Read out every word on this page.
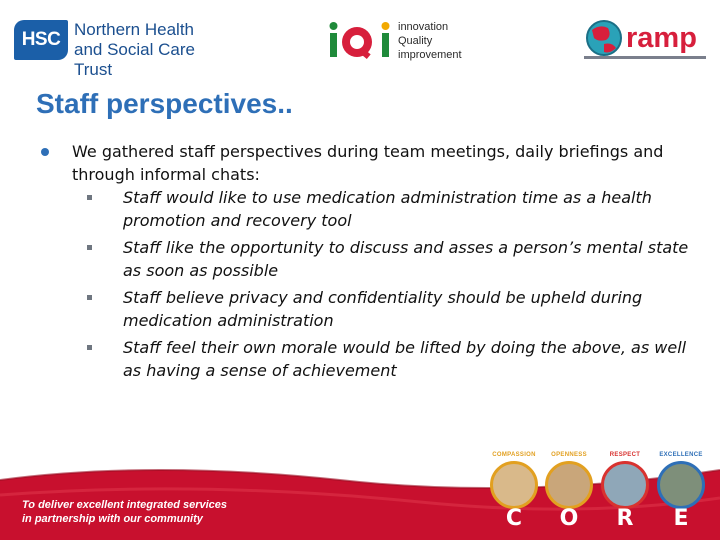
HSC Northern Health
and Social Care Trust
innovation
Quality
improvement
ramp
Staff perspectives..
We gathered staff perspectives during team meetings, daily briefings and through informal chats:
Staff would like to use medication administration time as a health promotion and recovery tool
Staff like the opportunity to discuss and asses a person’s mental state as soon as possible
Staff believe privacy and confidentiality should be upheld during medication administration
Staff feel their own morale would be lifted by doing the above, as well as having a sense of achievement
To deliver excellent integrated services
in partnership with our community
COMPASSION
C
OPENNESS
O
RESPECT
R
EXCELLENCE
E
